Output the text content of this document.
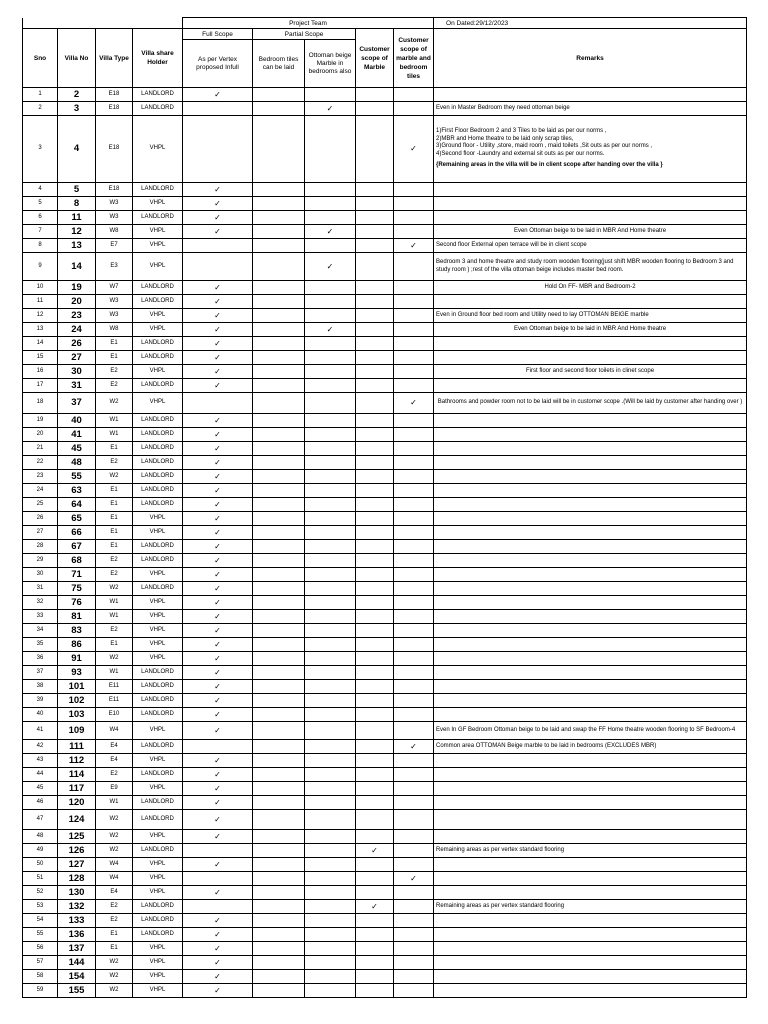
				Project Team					On Dated:29/12/2023
Sno	Villa No	Villa Type	Villa share Holder	Full Scope	Partial Scope		Customer scope of Marble	Customer scope of marble and bedroom tiles	Remarks
				As per Vertex proposed Infull	Bedroom tiles can be laid	Ottoman beige Marble in bedrooms also			
1	2	E18	LANDLORD	✓					
2	3	E18	LANDLORD			✓			Even in Master Bedroom they need ottoman beige

3	4	E18	VHPL					✓	1)First Floor Bedroom 2 and 3 Tiles to be laid as per our norms ,
2)MBR and Home theatre to be laid only scrap tiles,
3)Ground floor - Utility ,store, maid room , maid toilets ,Sit outs as per our norms ,
4)Second floor -Laundry and external sit outs as per our norms.
{Remaining areas in the villa will be in client scope after handing over the villa }

4	5	E18	LANDLORD	✓					
5	8	W3	VHPL	✓					
6	11	W3	LANDLORD	✓					
7	12	W8	VHPL	✓		✓			Even Ottoman beige to be laid in MBR And Home theatre

8	13	E7	VHPL					✓	Second floor External open terrace will be in client scope

9	14	E3	VHPL			✓			Bedroom 3 and home theatre and study room wooden flooring(just shift MBR wooden flooring to Bedroom 3 and study room ) ;rest of the villa ottoman beige includes master bed room.

10	19	W7	LANDLORD	✓					Hold On FF- MBR and Bedroom-2

11	20	W3	LANDLORD	✓					
12	23	W3	VHPL	✓					Even in Ground floor bed room and Utility need to lay OTTOMAN BEIGE marble

13	24	W8	VHPL	✓		✓			Even Ottoman beige to be laid in MBR And Home theatre

14	26	E1	LANDLORD	✓					
15	27	E1	LANDLORD	✓					
16	30	E2	VHPL	✓					First floor and second floor toilets in clinet scope

17	31	E2	LANDLORD	✓					
18	37	W2	VHPL					✓	Bathrooms and powder room not to be laid will be in customer scope .(Will be laid by customer after handing over )

19	40	W1	LANDLORD	✓					
20	41	W1	LANDLORD	✓					
21	45	E1	LANDLORD	✓					
22	48	E2	LANDLORD	✓					
23	55	W2	LANDLORD	✓					
24	63	E1	LANDLORD	✓					
25	64	E1	LANDLORD	✓					
26	65	E1	VHPL	✓					
27	66	E1	VHPL	✓					
28	67	E1	LANDLORD	✓					
29	68	E2	LANDLORD	✓					
30	71	E2	VHPL	✓					
31	75	W2	LANDLORD	✓					
32	76	W1	VHPL	✓					
33	81	W1	VHPL	✓					
34	83	E2	VHPL	✓					
35	86	E1	VHPL	✓					
36	91	W2	VHPL	✓					
37	93	W1	LANDLORD	✓					
38	101	E11	LANDLORD	✓					
39	102	E11	LANDLORD	✓					
40	103	E10	LANDLORD	✓					
41	109	W4	VHPL	✓					Even In GF Bedroom Ottoman beige to be laid and swap the FF Home theatre wooden flooring to SF Bedroom-4

42	111	E4	LANDLORD					✓	Common area OTTOMAN Beige marble to be laid in bedrooms (EXCLUDES MBR)

43	112	E4	VHPL	✓					
44	114	E2	LANDLORD	✓					
45	117	E9	VHPL	✓					
46	120	W1	LANDLORD	✓					
47	124	W2	LANDLORD	✓					
48	125	W2	VHPL	✓					
49	126	W2	LANDLORD				✓		Remaining areas as per vertex standard flooring

50	127	W4	VHPL	✓					
51	128	W4	VHPL					✓	
52	130	E4	VHPL	✓					
53	132	E2	LANDLORD				✓		Remaining areas as per vertex standard flooring

54	133	E2	LANDLORD	✓					
55	136	E1	LANDLORD	✓					
56	137	E1	VHPL	✓					
57	144	W2	VHPL	✓					
58	154	W2	VHPL	✓					
59	155	W2	VHPL	✓					
